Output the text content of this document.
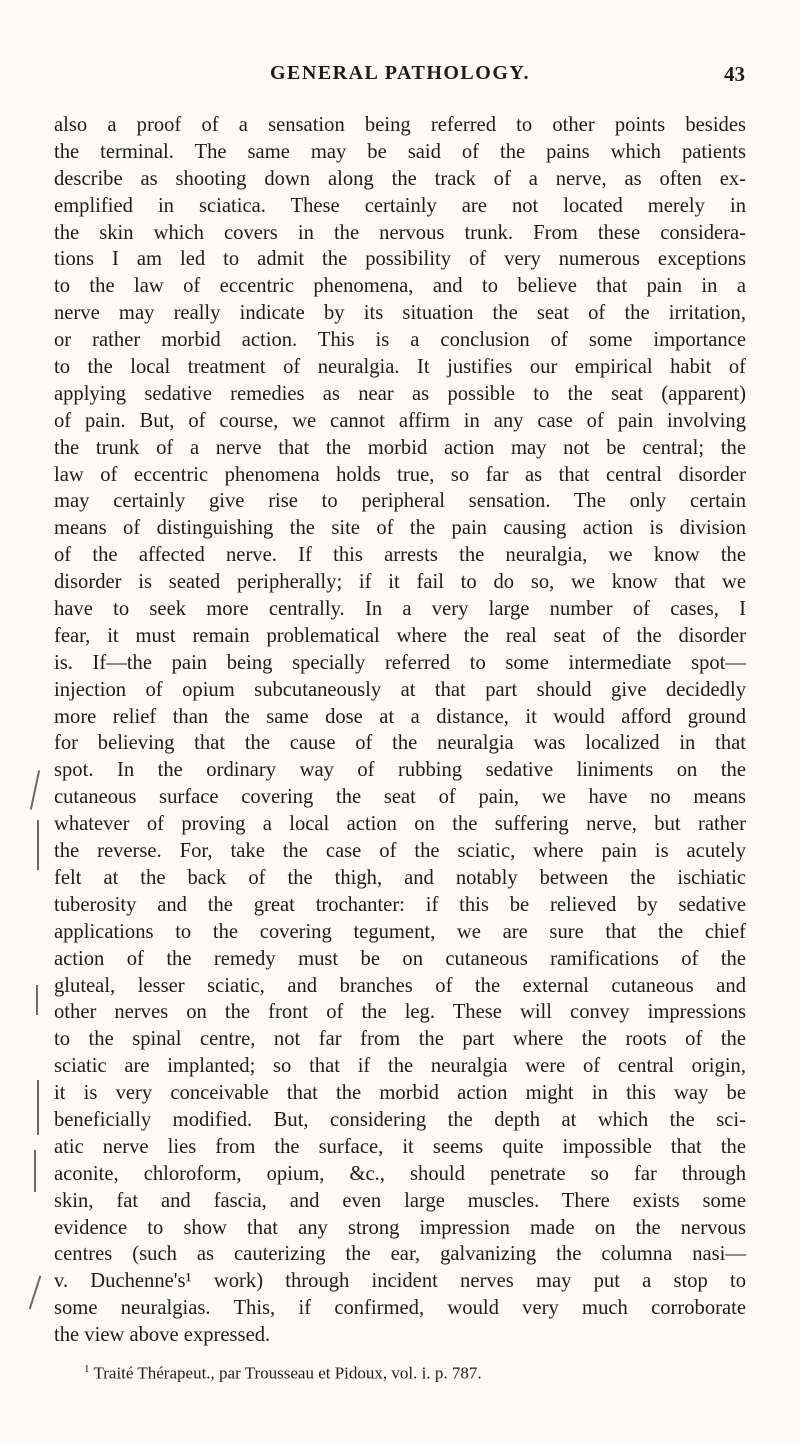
GENERAL PATHOLOGY.	43
also a proof of a sensation being referred to other points besides
the terminal. The same may be said of the pains which patients
describe as shooting down along the track of a nerve, as often ex-
emplified in sciatica. These certainly are not located merely in
the skin which covers in the nervous trunk. From these considera-
tions I am led to admit the possibility of very numerous exceptions
to the law of eccentric phenomena, and to believe that pain in a
nerve may really indicate by its situation the seat of the irritation,
or rather morbid action. This is a conclusion of some importance
to the local treatment of neuralgia. It justifies our empirical habit of
applying sedative remedies as near as possible to the seat (apparent)
of pain. But, of course, we cannot affirm in any case of pain involving
the trunk of a nerve that the morbid action may not be central; the
law of eccentric phenomena holds true, so far as that central disorder
may certainly give rise to peripheral sensation. The only certain
means of distinguishing the site of the pain causing action is division
of the affected nerve. If this arrests the neuralgia, we know the
disorder is seated peripherally; if it fail to do so, we know that we
have to seek more centrally. In a very large number of cases, I
fear, it must remain problematical where the real seat of the disorder
is. If—the pain being specially referred to some intermediate spot—
injection of opium subcutaneously at that part should give decidedly
more relief than the same dose at a distance, it would afford ground
for believing that the cause of the neuralgia was localized in that
spot. In the ordinary way of rubbing sedative liniments on the
cutaneous surface covering the seat of pain, we have no means
whatever of proving a local action on the suffering nerve, but rather
the reverse. For, take the case of the sciatic, where pain is acutely
felt at the back of the thigh, and notably between the ischiatic
tuberosity and the great trochanter: if this be relieved by sedative
applications to the covering tegument, we are sure that the chief
action of the remedy must be on cutaneous ramifications of the
gluteal, lesser sciatic, and branches of the external cutaneous and
other nerves on the front of the leg. These will convey impressions
to the spinal centre, not far from the part where the roots of the
sciatic are implanted; so that if the neuralgia were of central origin,
it is very conceivable that the morbid action might in this way be
beneficially modified. But, considering the depth at which the sci-
atic nerve lies from the surface, it seems quite impossible that the
aconite, chloroform, opium, &c., should penetrate so far through
skin, fat and fascia, and even large muscles. There exists some
evidence to show that any strong impression made on the nervous
centres (such as cauterizing the ear, galvanizing the columna nasi—
v. Duchenne's¹ work) through incident nerves may put a stop to
some neuralgias. This, if confirmed, would very much corroborate
the view above expressed.
$^1$ Traité Thérapeut., par Trousseau et Pidoux, vol. i. p. 787.
